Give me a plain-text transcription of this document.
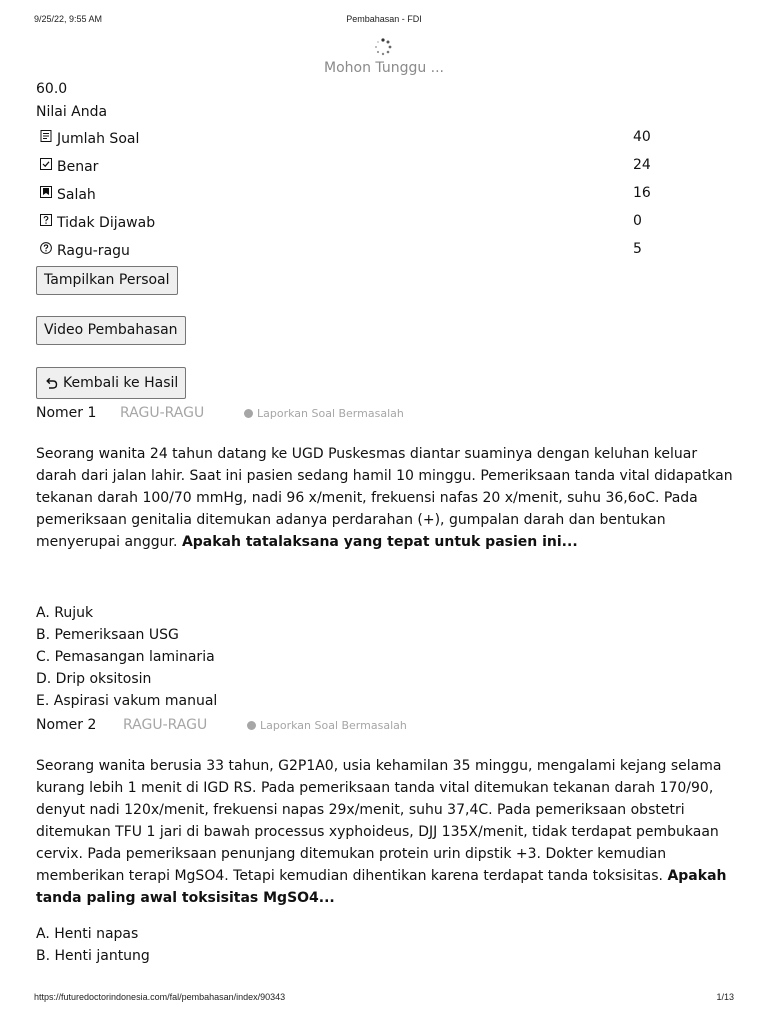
9/25/22, 9:55 AM	Pembahasan - FDI
Mohon Tunggu ...
60.0
Nilai Anda
Jumlah Soal	40
Benar	24
Salah	16
Tidak Dijawab	0
Ragu-ragu	5
Tampilkan Persoal
Video Pembahasan
Kembali ke Hasil
Nomer 1 RAGU-RAGU	Laporkan Soal Bermasalah
Seorang wanita 24 tahun datang ke UGD Puskesmas diantar suaminya dengan keluhan keluar darah dari jalan lahir. Saat ini pasien sedang hamil 10 minggu. Pemeriksaan tanda vital didapatkan tekanan darah 100/70 mmHg, nadi 96 x/menit, frekuensi nafas 20 x/menit, suhu 36,6oC. Pada pemeriksaan genitalia ditemukan adanya perdarahan (+), gumpalan darah dan bentukan menyerupai anggur. Apakah tatalaksana yang tepat untuk pasien ini...
A. Rujuk
B. Pemeriksaan USG
C. Pemasangan laminaria
D. Drip oksitosin
E. Aspirasi vakum manual
Nomer 2 RAGU-RAGU	Laporkan Soal Bermasalah
Seorang wanita berusia 33 tahun, G2P1A0, usia kehamilan 35 minggu, mengalami kejang selama kurang lebih 1 menit di IGD RS. Pada pemeriksaan tanda vital ditemukan tekanan darah 170/90, denyut nadi 120x/menit, frekuensi napas 29x/menit, suhu 37,4C. Pada pemeriksaan obstetri ditemukan TFU 1 jari di bawah processus xyphoideus, DJJ 135X/menit, tidak terdapat pembukaan cervix. Pada pemeriksaan penunjang ditemukan protein urin dipstik +3. Dokter kemudian memberikan terapi MgSO4. Tetapi kemudian dihentikan karena terdapat tanda toksisitas. Apakah tanda paling awal toksisitas MgSO4...
A. Henti napas
B. Henti jantung
https://futuredoctorindonesia.com/fal/pembahasan/index/90343	1/13
